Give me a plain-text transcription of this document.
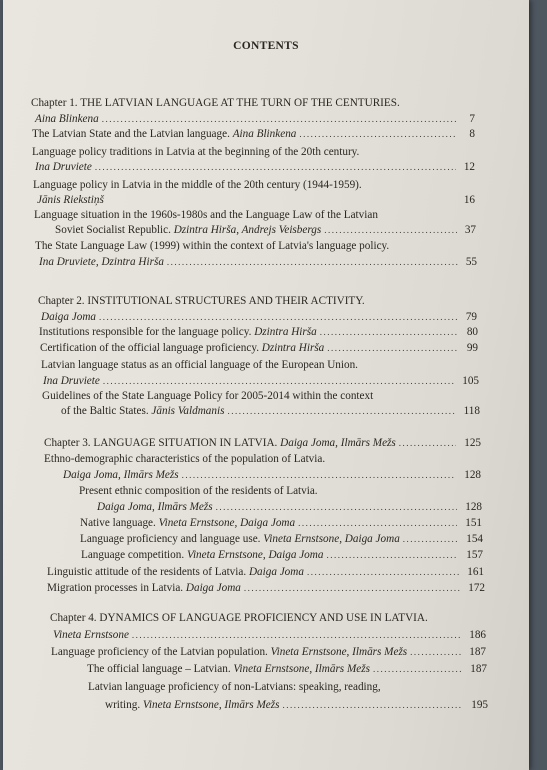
CONTENTS
Chapter 1. THE LATVIAN LANGUAGE AT THE TURN OF THE CENTURIES.
Aina Blinkena .....	7
The Latvian State and the Latvian language. Aina Blinkena .....	8
Language policy traditions in Latvia at the beginning of the 20th century.
Ina Druviete .....	12
Language policy in Latvia in the middle of the 20th century (1944-1959).
Jānis Riekstiņš	16
Language situation in the 1960s-1980s and the Language Law of the Latvian
Soviet Socialist Republic. Dzintra Hirša, Andrejs Veisbergs .....	37
The State Language Law (1999) within the context of Latvia's language policy.
Ina Druviete, Dzintra Hirša .....	55
Chapter 2. INSTITUTIONAL STRUCTURES AND THEIR ACTIVITY.
Daiga Joma .....	79
Institutions responsible for the language policy. Dzintra Hirša .....	80
Certification of the official language proficiency. Dzintra Hirša .....	99
Latvian language status as an official language of the European Union.
Ina Druviete .....	105
Guidelines of the State Language Policy for 2005-2014 within the context
of the Baltic States. Jānis Valdmanis .....	118
Chapter 3. LANGUAGE SITUATION IN LATVIA. Daiga Joma, Ilmārs Mežs .....	125
Ethno-demographic characteristics of the population of Latvia.
Daiga Joma, Ilmārs Mežs .....	128
Present ethnic composition of the residents of Latvia.
Daiga Joma, Ilmārs Mežs .....	128
Native language. Vineta Ernstsone, Daiga Joma .....	151
Language proficiency and language use. Vineta Ernstsone, Daiga Joma .....	154
Language competition. Vineta Ernstsone, Daiga Joma .....	157
Linguistic attitude of the residents of Latvia. Daiga Joma .....	161
Migration processes in Latvia. Daiga Joma .....	172
Chapter 4. DYNAMICS OF LANGUAGE PROFICIENCY AND USE IN LATVIA.
Vineta Ernstsone .....	186
Language proficiency of the Latvian population. Vineta Ernstsone, Ilmārs Mežs .....	187
The official language – Latvian. Vineta Ernstsone, Ilmārs Mežs .....	187
Latvian language proficiency of non-Latvians: speaking, reading,
writing. Vineta Ernstsone, Ilmārs Mežs .....	195
